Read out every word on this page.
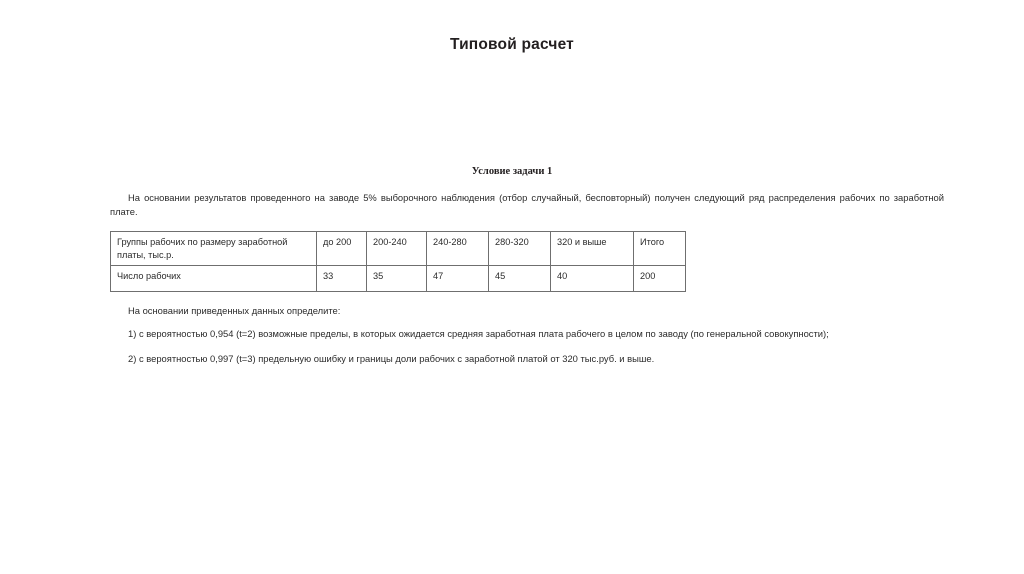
Типовой расчет
Условие задачи 1
На основании результатов проведенного на заводе 5% выборочного наблюдения (отбор случайный, бесповторный) получен следующий ряд распределения рабочих по заработной плате.
Группы рабочих по размеру заработной платы, тыс.р.	до 200	200-240	240-280	280-320	320 и выше	Итого
Число рабочих	33	35	47	45	40	200
На основании приведенных данных определите:
1) с вероятностью 0,954 (t=2) возможные пределы, в которых ожидается средняя заработная плата рабочего в целом по заводу (по генеральной совокупности);
2) с вероятностью 0,997 (t=3) предельную ошибку и границы доли рабочих с заработной платой от 320 тыс.руб. и выше.
